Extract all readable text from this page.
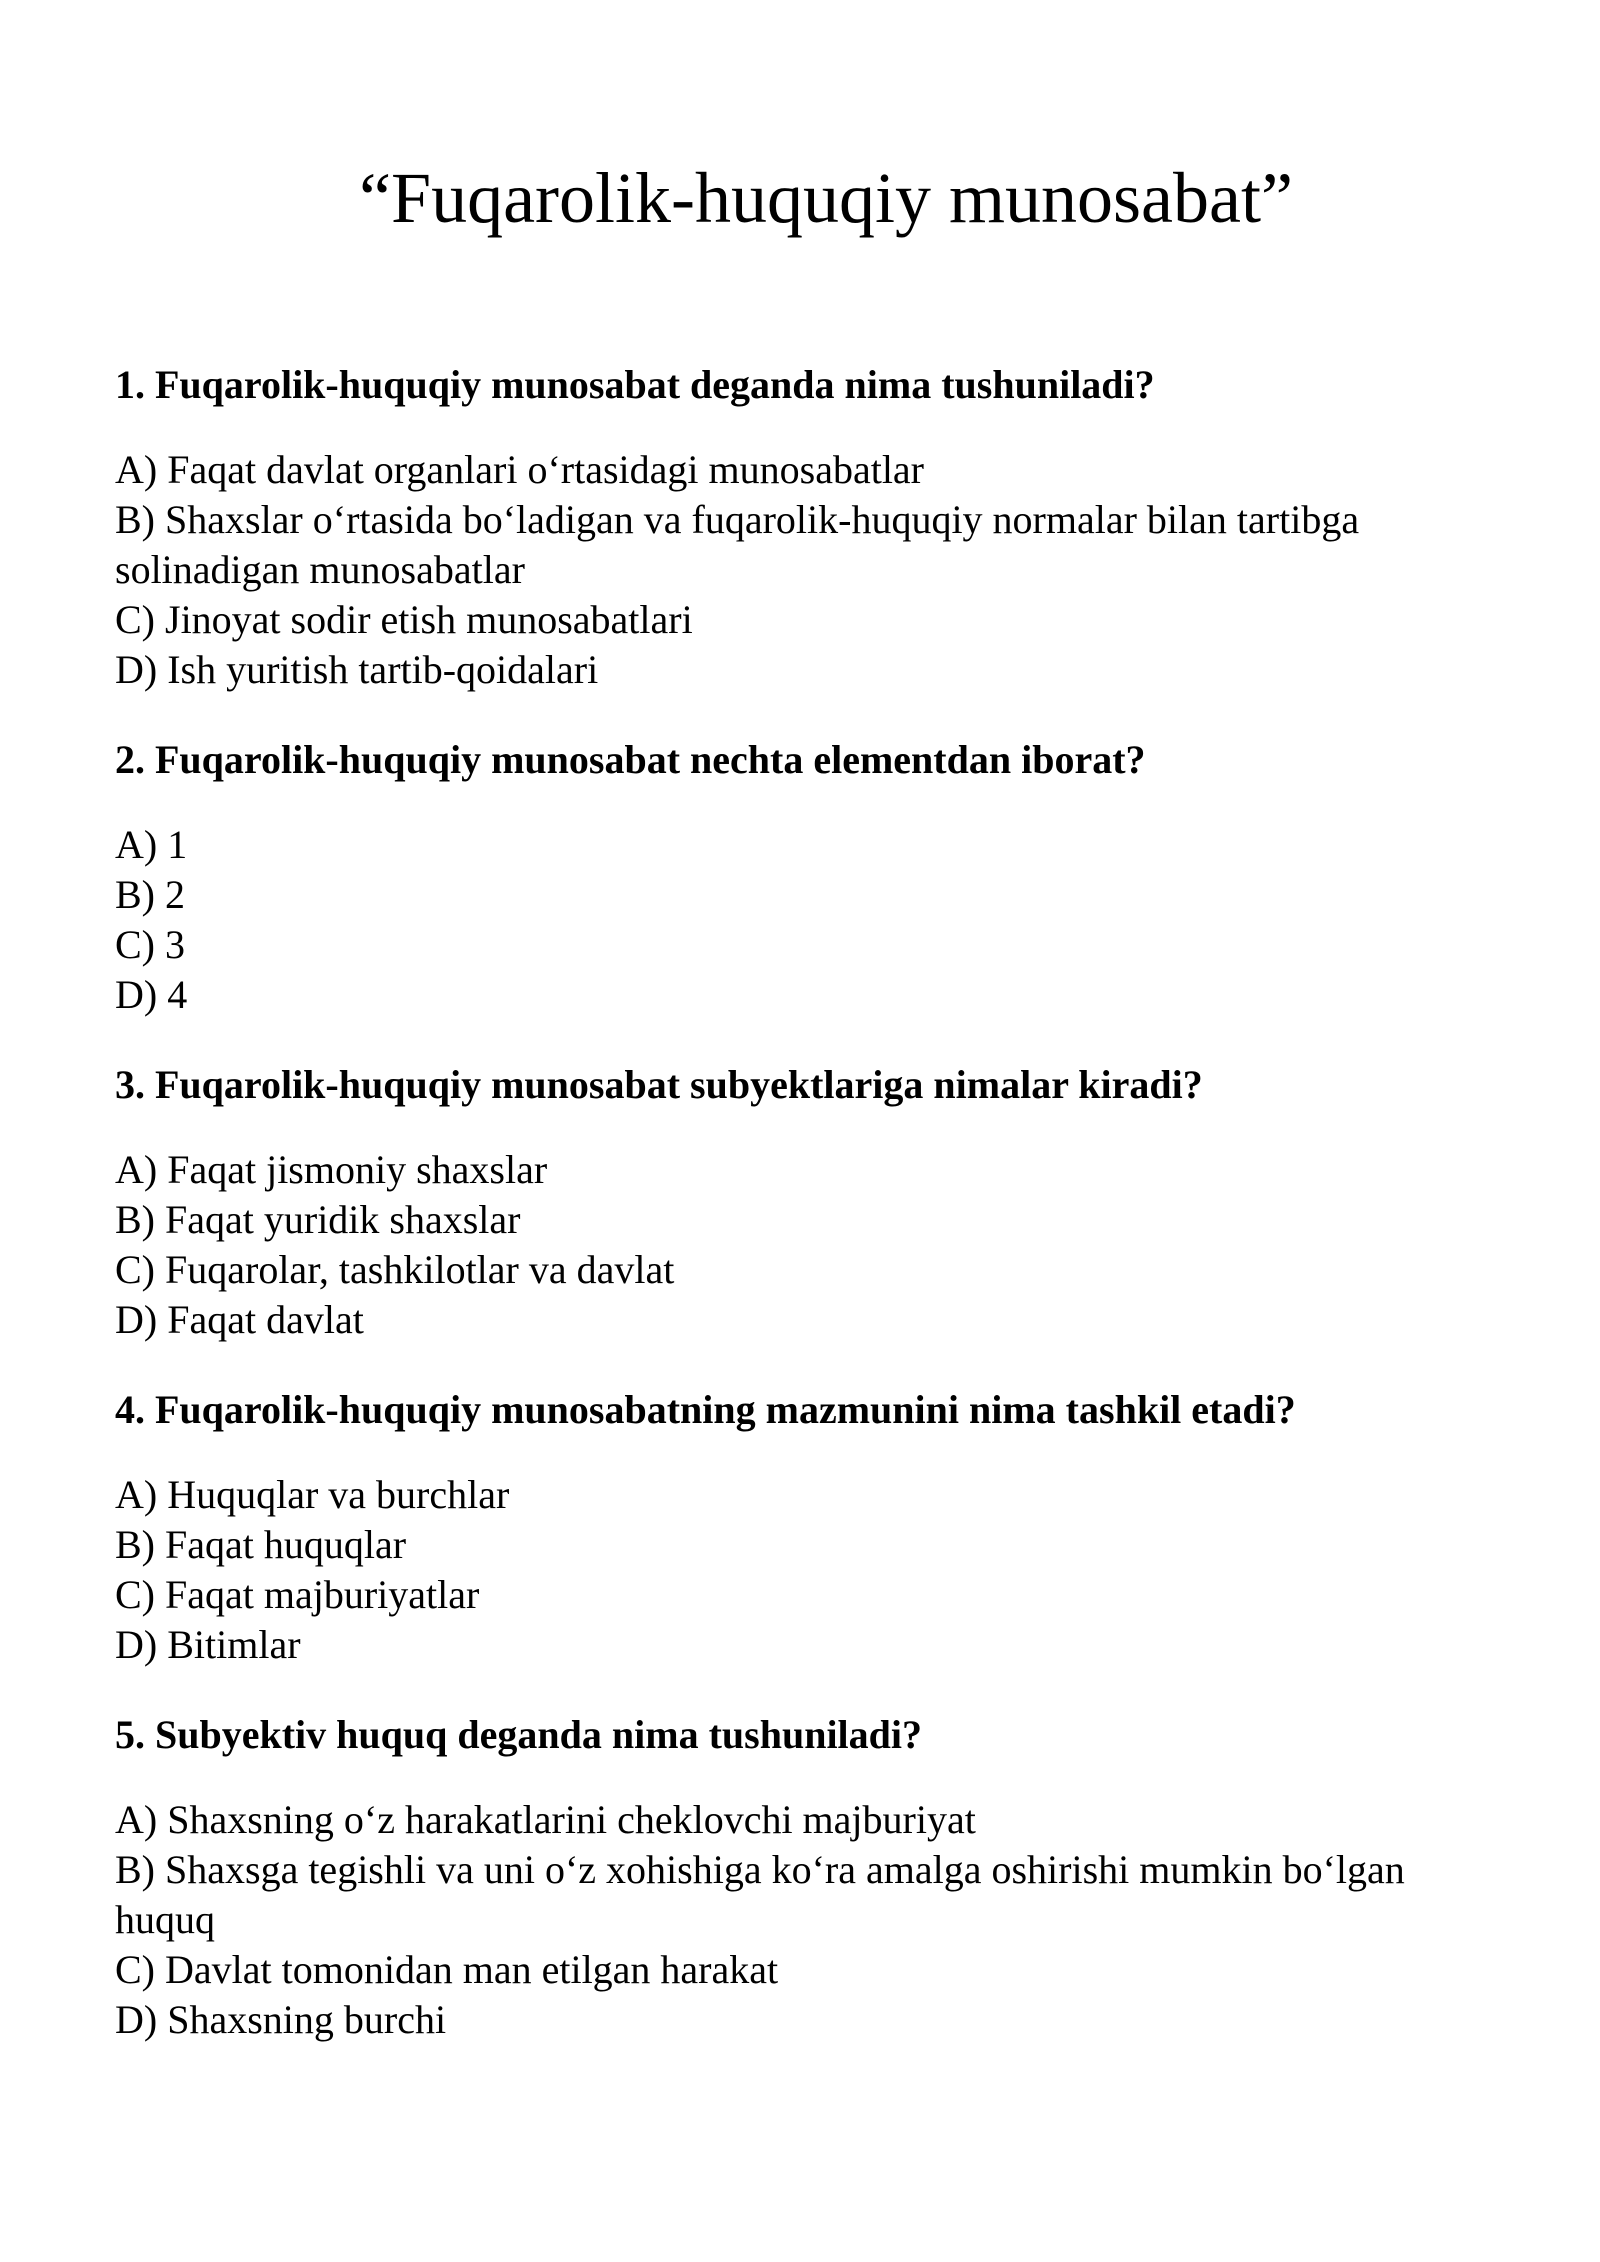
“Fuqarolik-huquqiy munosabat”

1. Fuqarolik-huquqiy munosabat deganda nima tushuniladi?

A) Faqat davlat organlari o‘rtasidagi munosabatlar
B) Shaxslar o‘rtasida bo‘ladigan va fuqarolik-huquqiy normalar bilan tartibga solinadigan munosabatlar
C) Jinoyat sodir etish munosabatlari
D) Ish yuritish tartib-qoidalari

2. Fuqarolik-huquqiy munosabat nechta elementdan iborat?

A) 1
B) 2
C) 3
D) 4

3. Fuqarolik-huquqiy munosabat subyektlariga nimalar kiradi?

A) Faqat jismoniy shaxslar
B) Faqat yuridik shaxslar
C) Fuqarolar, tashkilotlar va davlat
D) Faqat davlat

4. Fuqarolik-huquqiy munosabatning mazmunini nima tashkil etadi?

A) Huquqlar va burchlar
B) Faqat huquqlar
C) Faqat majburiyatlar
D) Bitimlar

5. Subyektiv huquq deganda nima tushuniladi?

A) Shaxsning o‘z harakatlarini cheklovchi majburiyat
B) Shaxsga tegishli va uni o‘z xohishiga ko‘ra amalga oshirishi mumkin bo‘lgan huquq
C) Davlat tomonidan man etilgan harakat
D) Shaxsning burchi
